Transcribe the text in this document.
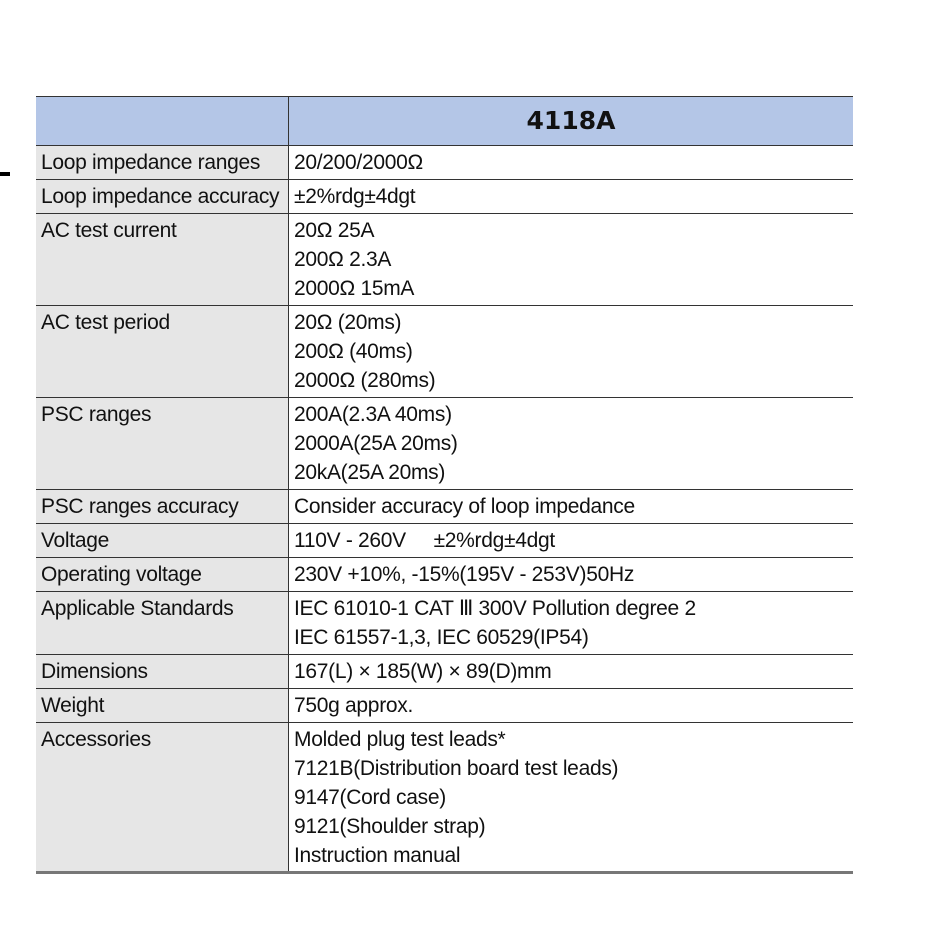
4118A
Loop impedance ranges	20/200/2000Ω
Loop impedance accuracy ±2%rdg±4dgt
AC test current	20Ω 25A
200Ω 2.3A
2000Ω 15mA
AC test period	20Ω (20ms)
200Ω (40ms)
2000Ω (280ms)
PSC ranges	200A(2.3A 40ms)
2000A(25A 20ms)
20kA(25A 20ms)
PSC ranges accuracy	Consider accuracy of loop impedance
Voltage	110V - 260V     ±2%rdg±4dgt
Operating voltage	230V +10%, -15%(195V - 253V)50Hz
Applicable Standards	IEC 61010-1 CAT Ⅲ 300V Pollution degree 2
IEC 61557-1,3, IEC 60529(IP54)
Dimensions	167(L) × 185(W) × 89(D)mm
Weight	750g approx.
Accessories	Molded plug test leads*
7121B(Distribution board test leads)
9147(Cord case)
9121(Shoulder strap)
Instruction manual
